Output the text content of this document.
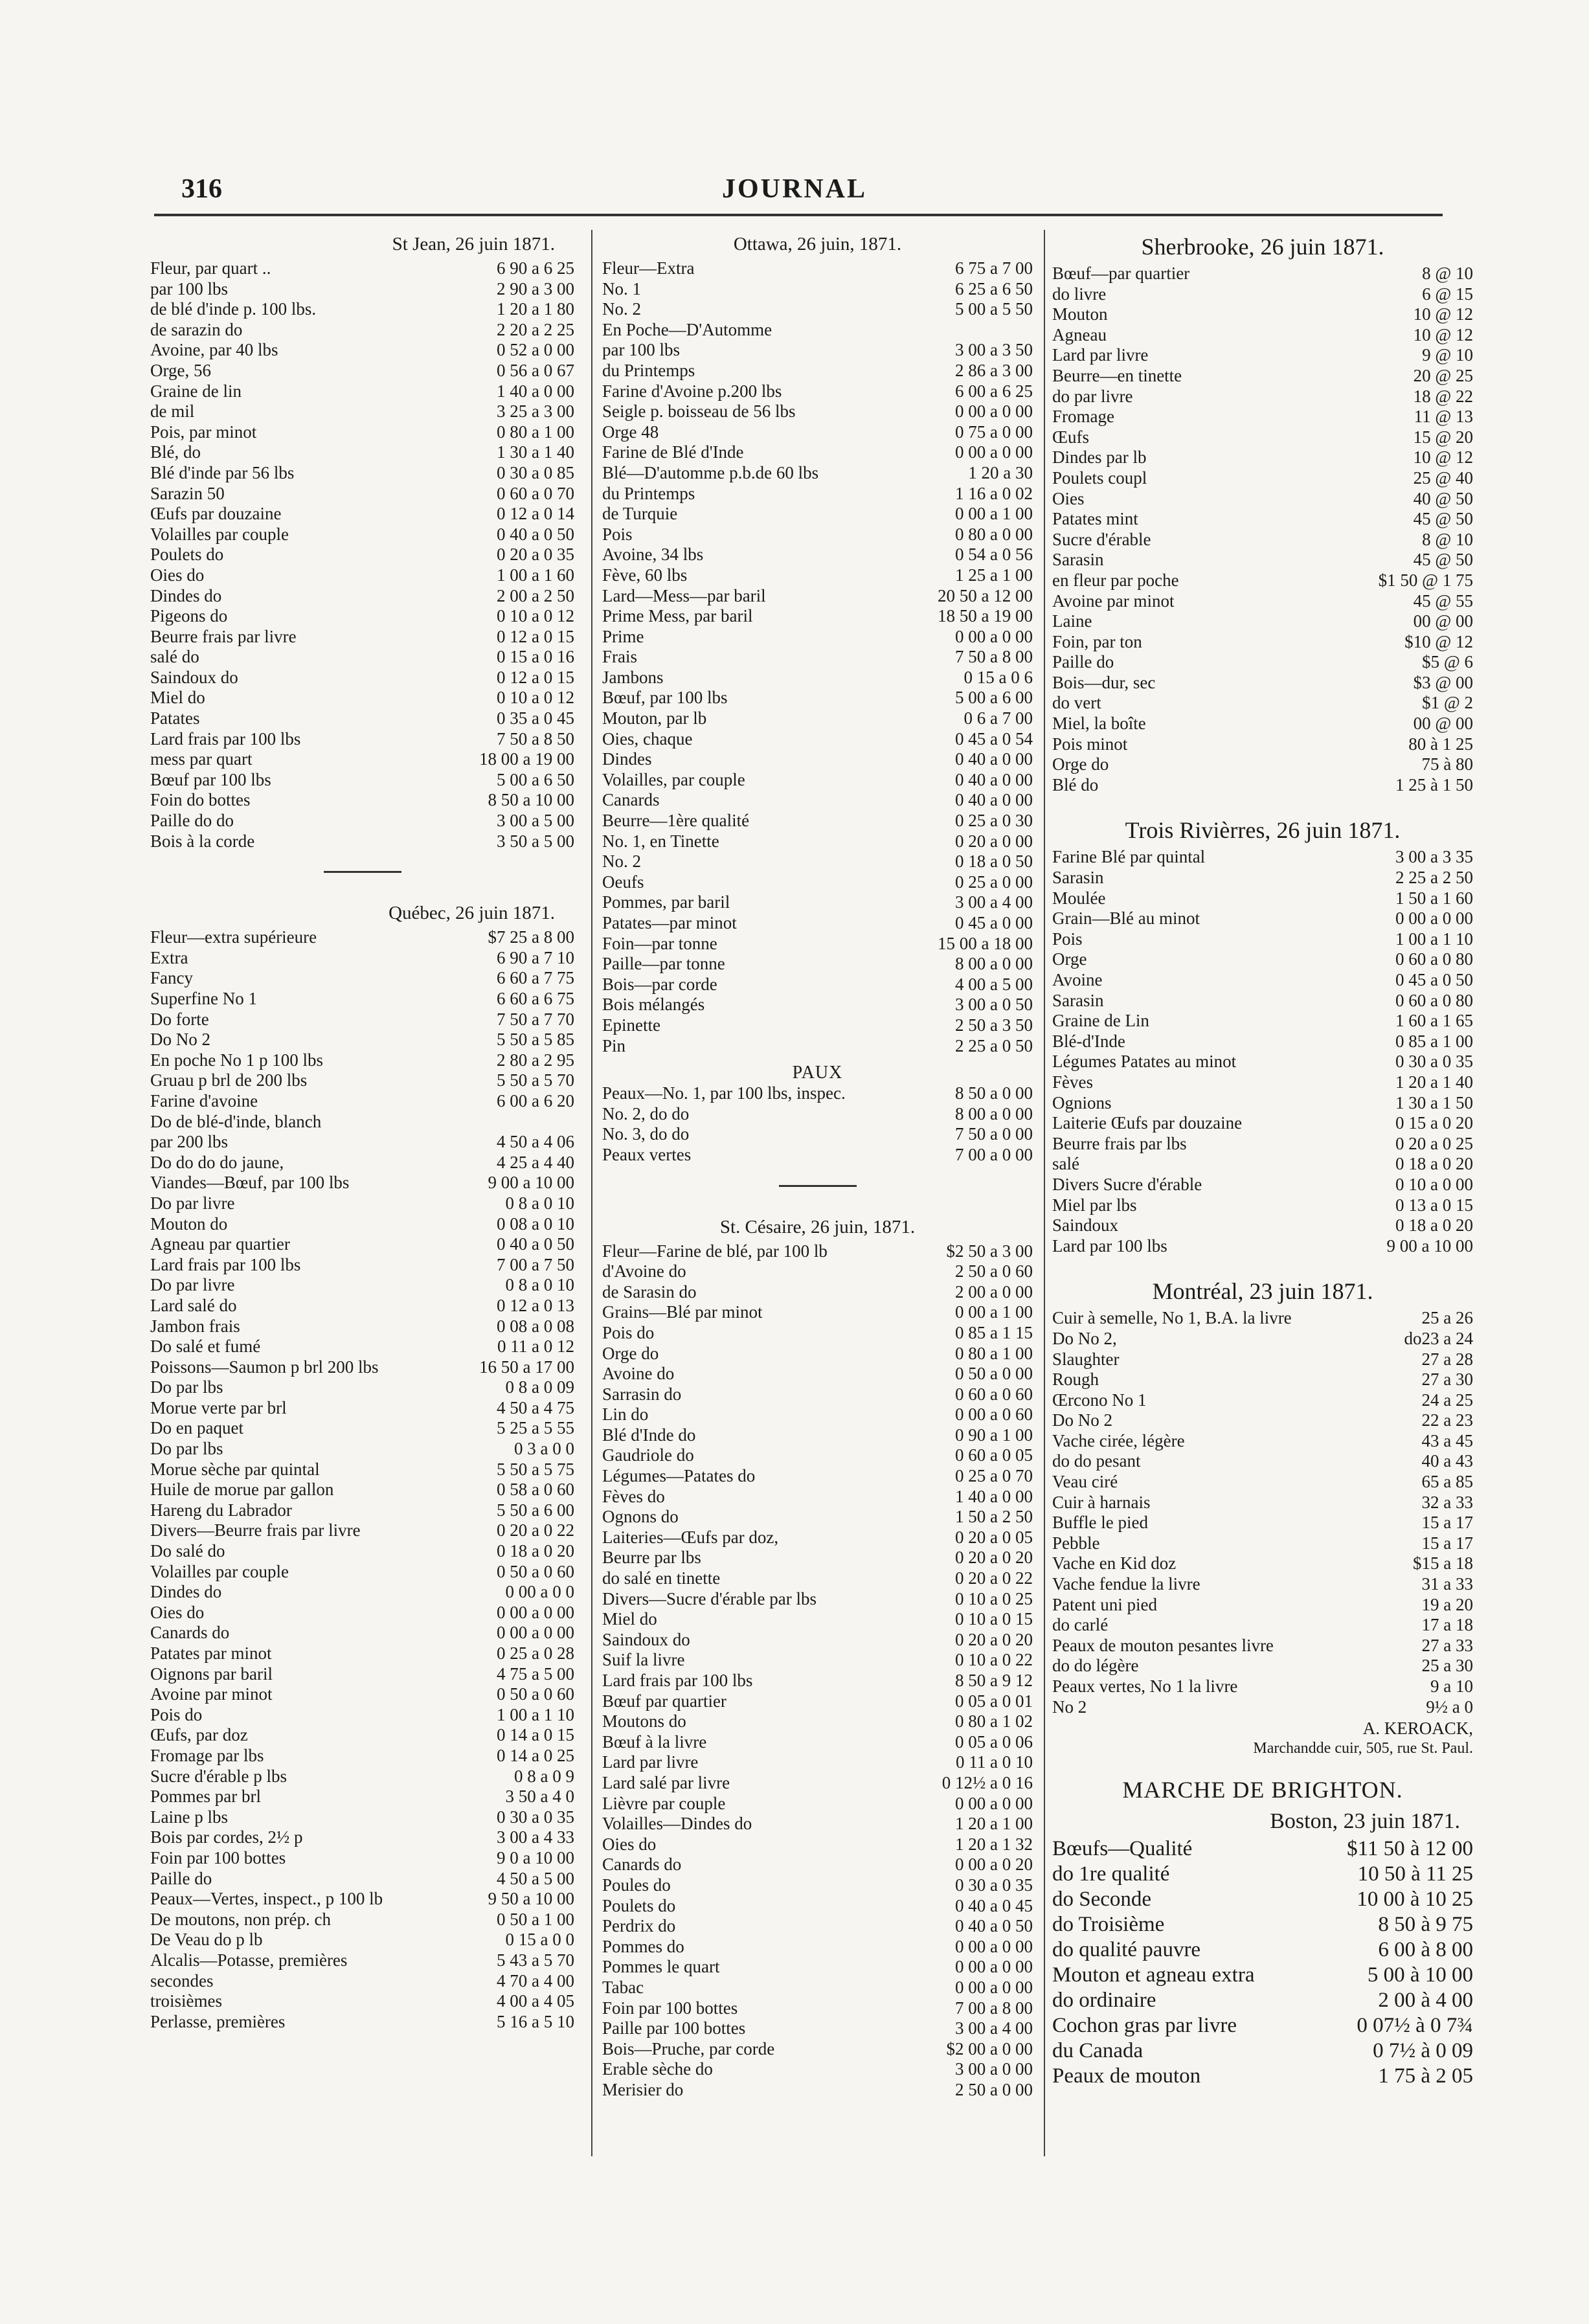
316	JOURNAL
St Jean, 26 juin 1871.
Fleur, par quart ..	6 90 a 6 25
par 100 lbs	2 90 a 3 00
de blé d'inde p. 100 lbs.	1 20 a 1 80
de sarazin do	2 20 a 2 25
Avoine, par 40 lbs	0 52 a 0 00
Orge, 56	0 56 a 0 67
Graine de lin	1 40 a 0 00
de mil	3 25 a 3 00
Pois, par minot	0 80 a 1 00
Blé, do	1 30 a 1 40
Blé d'inde par 56 lbs	0 30 a 0 85
Sarazin 50	0 60 a 0 70
Œufs par douzaine	0 12 a 0 14
Volailles par couple	0 40 a 0 50
Poulets do	0 20 a 0 35
Oies do	1 00 a 1 60
Dindes do	2 00 a 2 50
Pigeons do	0 10 a 0 12
Beurre frais par livre	0 12 a 0 15
salé do	0 15 a 0 16
Saindoux do	0 12 a 0 15
Miel do	0 10 a 0 12
Patates	0 35 a 0 45
Lard frais par 100 lbs	7 50 a 8 50
mess par quart	18 00 a 19 00
Bœuf par 100 lbs	5 00 a 6 50
Foin do bottes	8 50 a 10 00
Paille do do	3 00 a 5 00
Bois à la corde	3 50 a 5 00
Québec, 26 juin 1871.
Fleur—extra supérieure	$7 25 a 8 00
Extra	6 90 a 7 10
Fancy	6 60 a 7 75
Superfine No 1	6 60 a 6 75
Do forte	7 50 a 7 70
Do No 2	5 50 a 5 85
En poche No 1 p 100 lbs	2 80 a 2 95
Gruau p brl de 200 lbs	5 50 a 5 70
Farine d'avoine	6 00 a 6 20
Do de blé-d'inde, blanch
par 200 lbs	4 50 a 4 06
Do do do do jaune,	4 25 a 4 40
Viandes—Bœuf, par 100 lbs	9 00 a 10 00
Do par livre	0 8 a 0 10
Mouton do	0 08 a 0 10
Agneau par quartier	0 40 a 0 50
Lard frais par 100 lbs	7 00 a 7 50
Do par livre	0 8 a 0 10
Lard salé do	0 12 a 0 13
Jambon frais	0 08 a 0 08
Do salé et fumé	0 11 a 0 12
Poissons—Saumon p brl 200 lbs	16 50 a 17 00
Do par lbs	0 8 a 0 09
Morue verte par brl	4 50 a 4 75
Do en paquet	5 25 a 5 55
Do par lbs	0 3 a 0 0
Morue sèche par quintal	5 50 a 5 75
Huile de morue par gallon	0 58 a 0 60
Hareng du Labrador	5 50 a 6 00
Divers—Beurre frais par livre	0 20 a 0 22
Do salé do	0 18 a 0 20
Volailles par couple	0 50 a 0 60
Dindes do	0 00 a 0 0
Oies do	0 00 a 0 00
Canards do	0 00 a 0 00
Patates par minot	0 25 a 0 28
Oignons par baril	4 75 a 5 00
Avoine par minot	0 50 a 0 60
Pois do	1 00 a 1 10
Œufs, par doz	0 14 a 0 15
Fromage par lbs	0 14 a 0 25
Sucre d'érable p lbs	0 8 a 0 9
Pommes par brl	3 50 a 4 0
Laine p lbs	0 30 a 0 35
Bois par cordes, 2½ p	3 00 a 4 33
Foin par 100 bottes	9 0 a 10 00
Paille do	4 50 a 5 00
Peaux—Vertes, inspect., p 100 lb	9 50 a 10 00
De moutons, non prép. ch	0 50 a 1 00
De Veau do p lb	0 15 a 0 0
Alcalis—Potasse, premières	5 43 a 5 70
secondes	4 70 a 4 00
troisièmes	4 00 a 4 05
Perlasse, premières	5 16 a 5 10
Ottawa, 26 juin, 1871.
Fleur—Extra	6 75 a 7 00
No. 1	6 25 a 6 50
No. 2	5 00 a 5 50
En Poche—D'Automme
par 100 lbs	3 00 a 3 50
du Printemps	2 86 a 3 00
Farine d'Avoine p.200 lbs	6 00 a 6 25
Seigle p. boisseau de 56 lbs	0 00 a 0 00
Orge 48	0 75 a 0 00
Farine de Blé d'Inde	0 00 a 0 00
Blé—D'automme p.b.de 60 lbs	1 20 a 30
du Printemps	1 16 a 0 02
de Turquie	0 00 a 1 00
Pois	0 80 a 0 00
Avoine, 34 lbs	0 54 a 0 56
Fève, 60 lbs	1 25 a 1 00
Lard—Mess—par baril	20 50 a 12 00
Prime Mess, par baril	18 50 a 19 00
Prime	0 00 a 0 00
Frais	7 50 a 8 00
Jambons	0 15 a 0 6
Bœuf, par 100 lbs	5 00 a 6 00
Mouton, par lb	0 6 a 7 00
Oies, chaque	0 45 a 0 54
Dindes	0 40 a 0 00
Volailles, par couple	0 40 a 0 00
Canards	0 40 a 0 00
Beurre—1ère qualité	0 25 a 0 30
No. 1, en Tinette	0 20 a 0 00
No. 2	0 18 a 0 50
Oeufs	0 25 a 0 00
Pommes, par baril	3 00 a 4 00
Patates—par minot	0 45 a 0 00
Foin—par tonne	15 00 a 18 00
Paille—par tonne	8 00 a 0 00
Bois—par corde	4 00 a 5 00
Bois mélangés	3 00 a 0 50
Epinette	2 50 a 3 50
Pin	2 25 a 0 50
PAUX
Peaux—No. 1, par 100 lbs, inspec.	8 50 a 0 00
No. 2, do do	8 00 a 0 00
No. 3, do do	7 50 a 0 00
Peaux vertes	7 00 a 0 00
St. Césaire, 26 juin, 1871.
Fleur—Farine de blé, par 100 lb	$2 50 a 3 00
d'Avoine do	2 50 a 0 60
de Sarasin do	2 00 a 0 00
Grains—Blé par minot	0 00 a 1 00
Pois do	0 85 a 1 15
Orge do	0 80 a 1 00
Avoine do	0 50 a 0 00
Sarrasin do	0 60 a 0 60
Lin do	0 00 a 0 60
Blé d'Inde do	0 90 a 1 00
Gaudriole do	0 60 a 0 05
Légumes—Patates do	0 25 a 0 70
Fèves do	1 40 a 0 00
Ognons do	1 50 a 2 50
Laiteries—Œufs par doz,	0 20 a 0 05
Beurre par lbs	0 20 a 0 20
do salé en tinette	0 20 a 0 22
Divers—Sucre d'érable par lbs	0 10 a 0 25
Miel do	0 10 a 0 15
Saindoux do	0 20 a 0 20
Suif la livre	0 10 a 0 22
Lard frais par 100 lbs	8 50 a 9 12
Bœuf par quartier	0 05 a 0 01
Moutons do	0 80 a 1 02
Bœuf à la livre	0 05 a 0 06
Lard par livre	0 11 a 0 10
Lard salé par livre	0 12½ a 0 16
Lièvre par couple	0 00 a 0 00
Volailles—Dindes do	1 20 a 1 00
Oies do	1 20 a 1 32
Canards do	0 00 a 0 20
Poules do	0 30 a 0 35
Poulets do	0 40 a 0 45
Perdrix do	0 40 a 0 50
Pommes do	0 00 a 0 00
Pommes le quart	0 00 a 0 00
Tabac	0 00 a 0 00
Foin par 100 bottes	7 00 a 8 00
Paille par 100 bottes	3 00 a 4 00
Bois—Pruche, par corde	$2 00 a 0 00
Erable sèche do	3 00 a 0 00
Merisier do	2 50 a 0 00
Sherbrooke, 26 juin 1871.
Bœuf—par quartier	8 @ 10
do livre	6 @ 15
Mouton	10 @ 12
Agneau	10 @ 12
Lard par livre	9 @ 10
Beurre—en tinette	20 @ 25
do par livre	18 @ 22
Fromage	11 @ 13
Œufs	15 @ 20
Dindes par lb	10 @ 12
Poulets coupl	25 @ 40
Oies	40 @ 50
Patates mint	45 @ 50
Sucre d'érable	8 @ 10
Sarasin	45 @ 50
en fleur par poche	$1 50 @ 1 75
Avoine par minot	45 @ 55
Laine	00 @ 00
Foin, par ton	$10 @ 12
Paille do	$5 @ 6
Bois—dur, sec	$3 @ 00
do vert	$1 @ 2
Miel, la boîte	00 @ 00
Pois minot	80 à 1 25
Orge do	75 à 80
Blé do	1 25 à 1 50
Trois Rivièrres, 26 juin 1871.
Farine Blé par quintal	3 00 a 3 35
Sarasin	2 25 a 2 50
Moulée	1 50 a 1 60
Grain—Blé au minot	0 00 a 0 00
Pois	1 00 a 1 10
Orge	0 60 a 0 80
Avoine	0 45 a 0 50
Sarasin	0 60 a 0 80
Graine de Lin	1 60 a 1 65
Blé-d'Inde	0 85 a 1 00
Légumes Patates au minot	0 30 a 0 35
Fèves	1 20 a 1 40
Ognions	1 30 a 1 50
Laiterie Œufs par douzaine	0 15 a 0 20
Beurre frais par lbs	0 20 a 0 25
salé	0 18 a 0 20
Divers Sucre d'érable	0 10 a 0 00
Miel par lbs	0 13 a 0 15
Saindoux	0 18 a 0 20
Lard par 100 lbs	9 00 a 10 00
Montréal, 23 juin 1871.
Cuir à semelle, No 1, B.A. la livre	25 a 26
Do No 2,	do23 a 24
Slaughter	27 a 28
Rough	27 a 30
Œrcono No 1	24 a 25
Do No 2	22 a 23
Vache cirée, légère	43 a 45
do do pesant	40 a 43
Veau ciré	65 a 85
Cuir à harnais	32 a 33
Buffle le pied	15 a 17
Pebble	15 a 17
Vache en Kid doz	$15 a 18
Vache fendue la livre	31 a 33
Patent uni pied	19 a 20
do carlé	17 a 18
Peaux de mouton pesantes livre	27 a 33
do do légère	25 a 30
Peaux vertes, No 1 la livre	9 a 10
No 2	9½ a 0
A. KEROACK,
Marchandde cuir, 505, rue St. Paul.
MARCHE DE BRIGHTON.
Boston, 23 juin 1871.
Bœufs—Qualité	$11 50 à 12 00
do 1re qualité	10 50 à 11 25
do Seconde	10 00 à 10 25
do Troisième	8 50 à 9 75
do qualité pauvre	6 00 à 8 00
Mouton et agneau extra	5 00 à 10 00
do ordinaire	2 00 à 4 00
Cochon gras par livre	0 07½ à 0 7¾
du Canada	0 7½ à 0 09
Peaux de mouton	1 75 à 2 05
